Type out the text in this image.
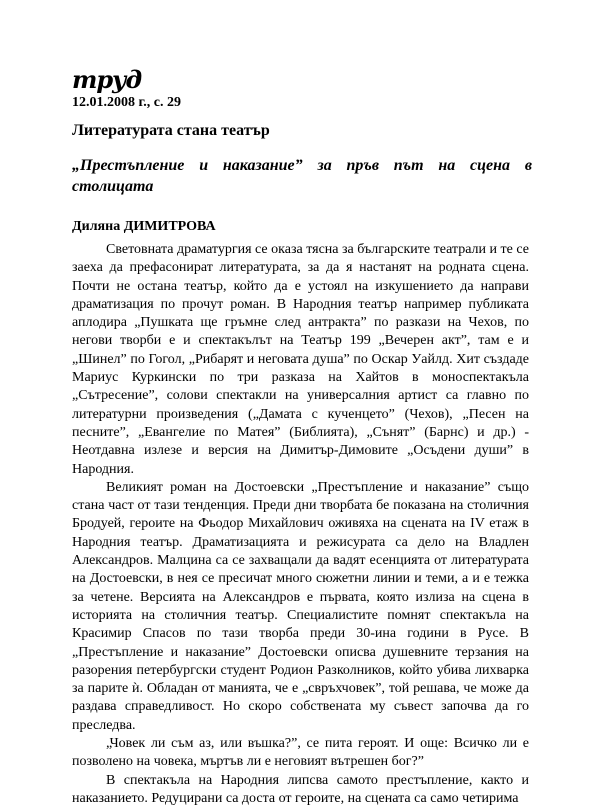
труд
12.01.2008 г., с. 29
Литературата стана театър
„Престъпление и наказание” за пръв път на сцена в столицата
Диляна ДИМИТРОВА

Световната драматургия се оказа тясна за българските театрали и те се заеха да префасонират литературата, за да я настанят на родната сцена. Почти не остана театър, който да е устоял на изкушението да направи драматизация по прочут роман. В Народния театър например публиката аплодира „Пушката ще гръмне след антракта” по разкази на Чехов, по негови творби е и спектакълът на Театър 199 „Вечерен акт”, там е и „Шинел” по Гогол, „Рибарят и неговата душа” по Оскар Уайлд. Хит създаде Мариус Куркински по три разказа на Хайтов в моноспектакъла „Сътресение”, солови спектакли на универсалния артист са главно по литературни произведения („Дамата с кученцето” (Чехов), „Песен на песните”, „Евангелие по Матея” (Библията), „Сънят” (Барнс) и др.) - Неотдавна излезе и версия на Димитър-Димовите „Осъдени души” в Народния.

Великият роман на Достоевски „Престъпление и наказание” също стана част от тази тенденция. Преди дни творбата бе показана на столичния Бродуей, героите на Фьодор Михайлович оживяха на сцената на IV етаж в Народния театър. Драматизацията и режисурата са дело на Владлен Александров. Малцина са се захващали да вадят есенцията от литературата на Достоевски, в нея се пресичат много сюжетни линии и теми, а и е тежка за четене. Версията на Александров е първата, която излиза на сцена в историята на столичния театър. Специалистите помнят спектакъла на Красимир Спасов по тази творба преди 30-ина години в Русе. В „Престъпление и наказание” Достоевски описва душевните терзания на разорения петербургски студент Родион Разколников, който убива лихварка за парите ѝ. Обладан от манията, че е „свръхчовек”, той решава, че може да раздава справедливост. Но скоро собствената му съвест започва да го преследва.

„Човек ли съм аз, или въшка?”, се пита героят. И още: Всичко ли е позволено на човека, мъртъв ли е неговият вътрешен бог?”

В спектакъла на Народния липсва самото престъпление, както и наказанието. Редуцирани са доста от героите, на сцената са само четирима
